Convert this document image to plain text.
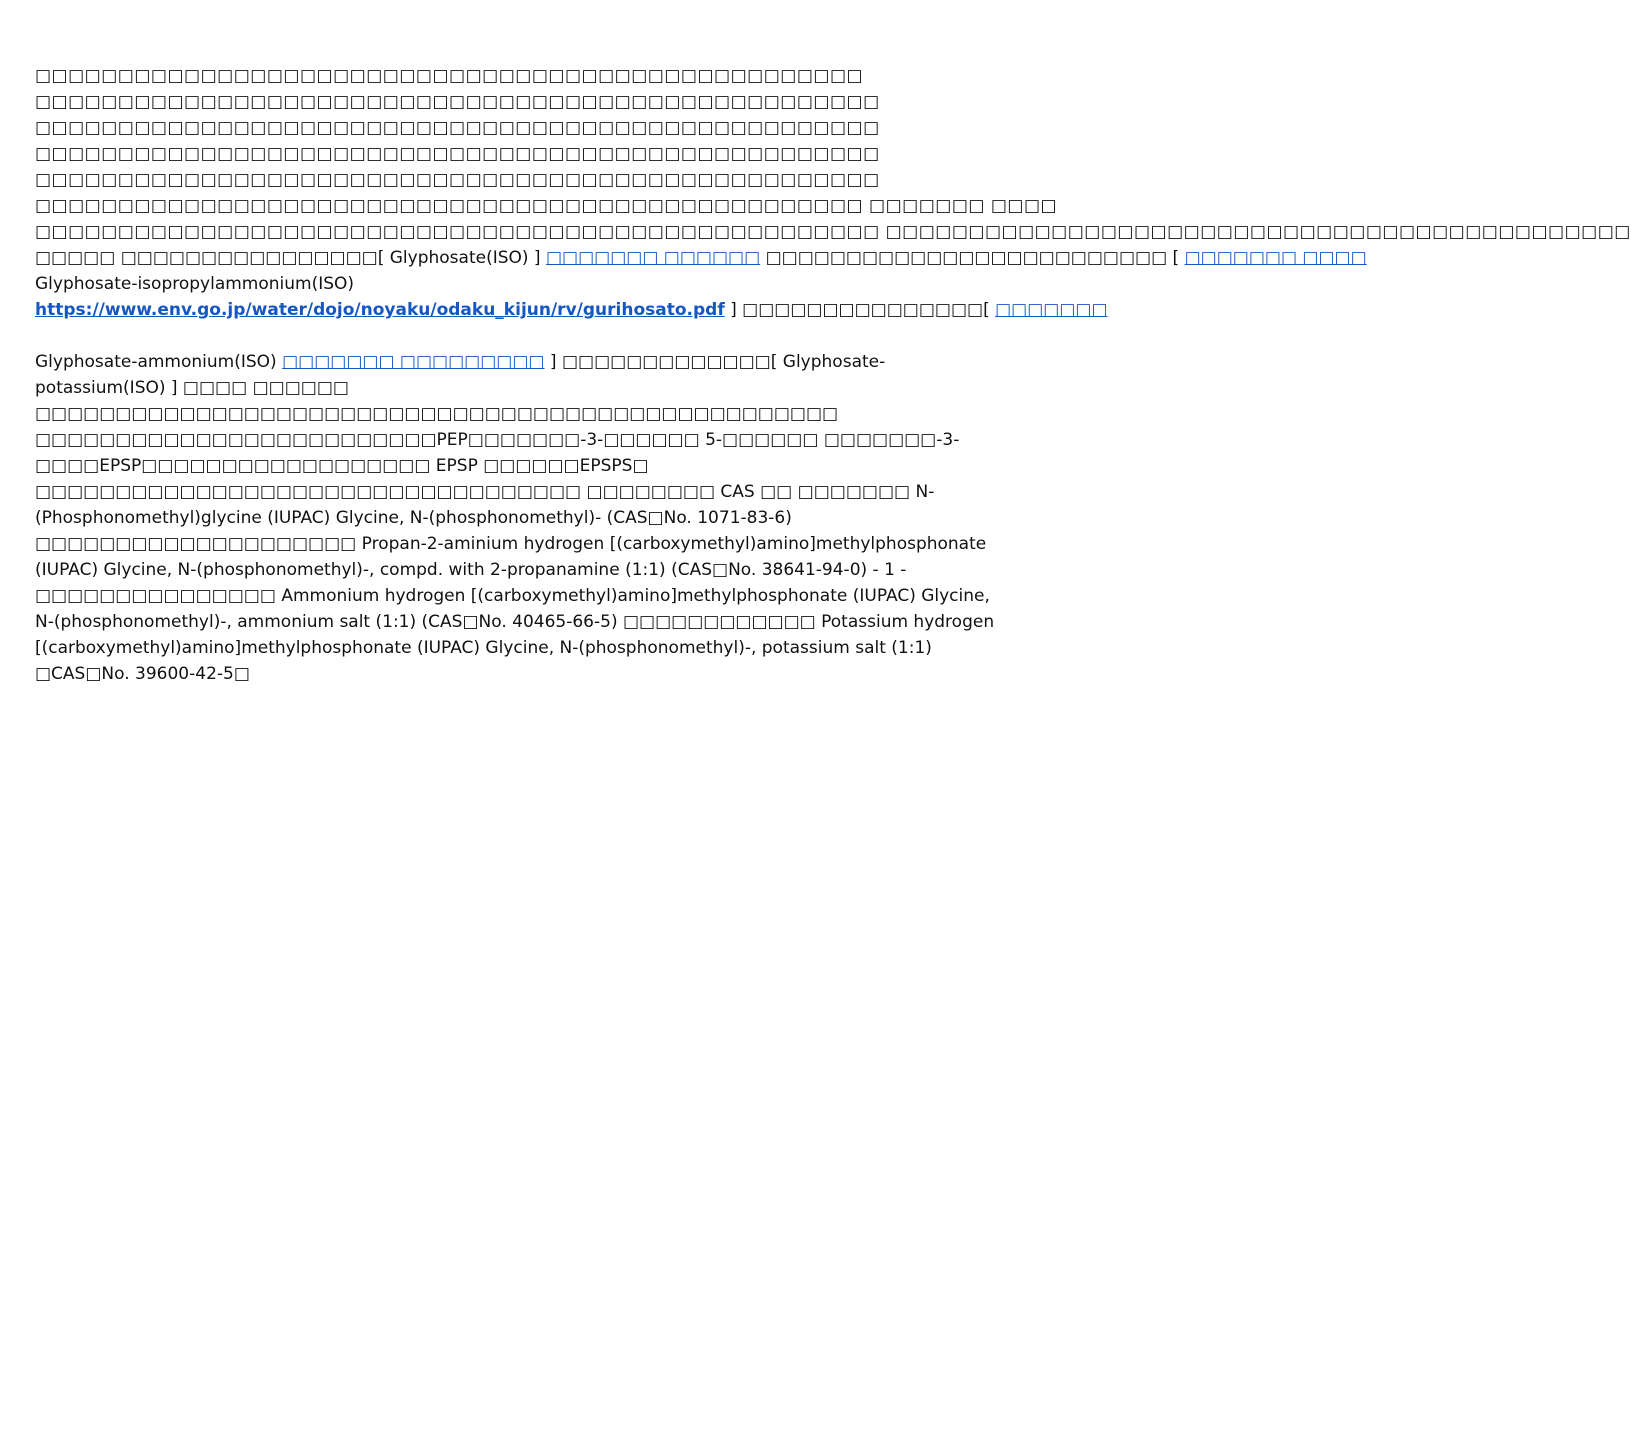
□□□□□□□□□□□□□□□□□□□□□□□□□□□□□□□□□□□□□□□□□□□□□□□□□□
□□□□□□□□□□□□□□□□□□□□□□□□□□□□□□□□□□□□□□□□□□□□□□□□□□□
□□□□□□□□□□□□□□□□□□□□□□□□□□□□□□□□□□□□□□□□□□□□□□□□□□□
□□□□□□□□□□□□□□□□□□□□□□□□□□□□□□□□□□□□□□□□□□□□□□□□□□□
□□□□□□□□□□□□□□□□□□□□□□□□□□□□□□□□□□□□□□□□□□□□□□□□□□□
□□□□□□□□□□□□□□□□□□□□□□□□□□□□□□□□□□□□□□□□□□□□□□□□□□ □□□□□□□ □□□□
□□□□□□□□□□□□□□□□□□□□□□□□□□□□□□□□□□□□□□□□□□□□□□□□□□□ □□□□□□□□□□□□□□□□□□□□□□□□□□□□□□□□□□□□□□□□□□□□□
□□□□□ □□□□□□□□□□□□□□□□[ Glyphosate(ISO) ] □□□□□□□ □□□□□□ □□□□□□□□□□□□□□□□□□□□□□□□□ [ □□□□□□□ □□□□
Glyphosate-isopropylammonium(ISO)
https://www.env.go.jp/water/dojo/noyaku/odaku_kijun/rv/gurihosato.pdf ] □□□□□□□□□□□□□□□[ □□□□□□□
Glyphosate-ammonium(ISO) □□□□□□□ □□□□□□□□□ ] □□□□□□□□□□□□□[ Glyphosate-potassium(ISO) ] □□□□ □□□□□□ □□□□□□□□□□□□□□□□□□□□□□□□□□□□□□□□□□□□□□□□□□□□□□□□□□ □□□□□□□□□□□□□□□□□□□□□□□□□PEP□□□□□□□-3-□□□□□□ 5-□□□□□□ □□□□□□□-3-□□□□EPSP□□□□□□□□□□□□□□□□□□ EPSP □□□□□□EPSPS□ □□□□□□□□□□□□□□□□□□□□□□□□□□□□□□□□□□ □□□□□□□□ CAS □□ □□□□□□□ N-(Phosphonomethyl)glycine (IUPAC) Glycine, N-(phosphonomethyl)- (CAS□No. 1071-83-6) □□□□□□□□□□□□□□□□□□□□ Propan-2-aminium hydrogen [(carboxymethyl)amino]methylphosphonate (IUPAC) Glycine, N-(phosphonomethyl)-, compd. with 2-propanamine (1:1) (CAS□No. 38641-94-0) - 1 - □□□□□□□□□□□□□□□ Ammonium hydrogen [(carboxymethyl)amino]methylphosphonate (IUPAC) Glycine, N-(phosphonomethyl)-, ammonium salt (1:1) (CAS□No. 40465-66-5) □□□□□□□□□□□□ Potassium hydrogen [(carboxymethyl)amino]methylphosphonate (IUPAC) Glycine, N-(phosphonomethyl)-, potassium salt (1:1) □CAS□No. 39600-42-5□
